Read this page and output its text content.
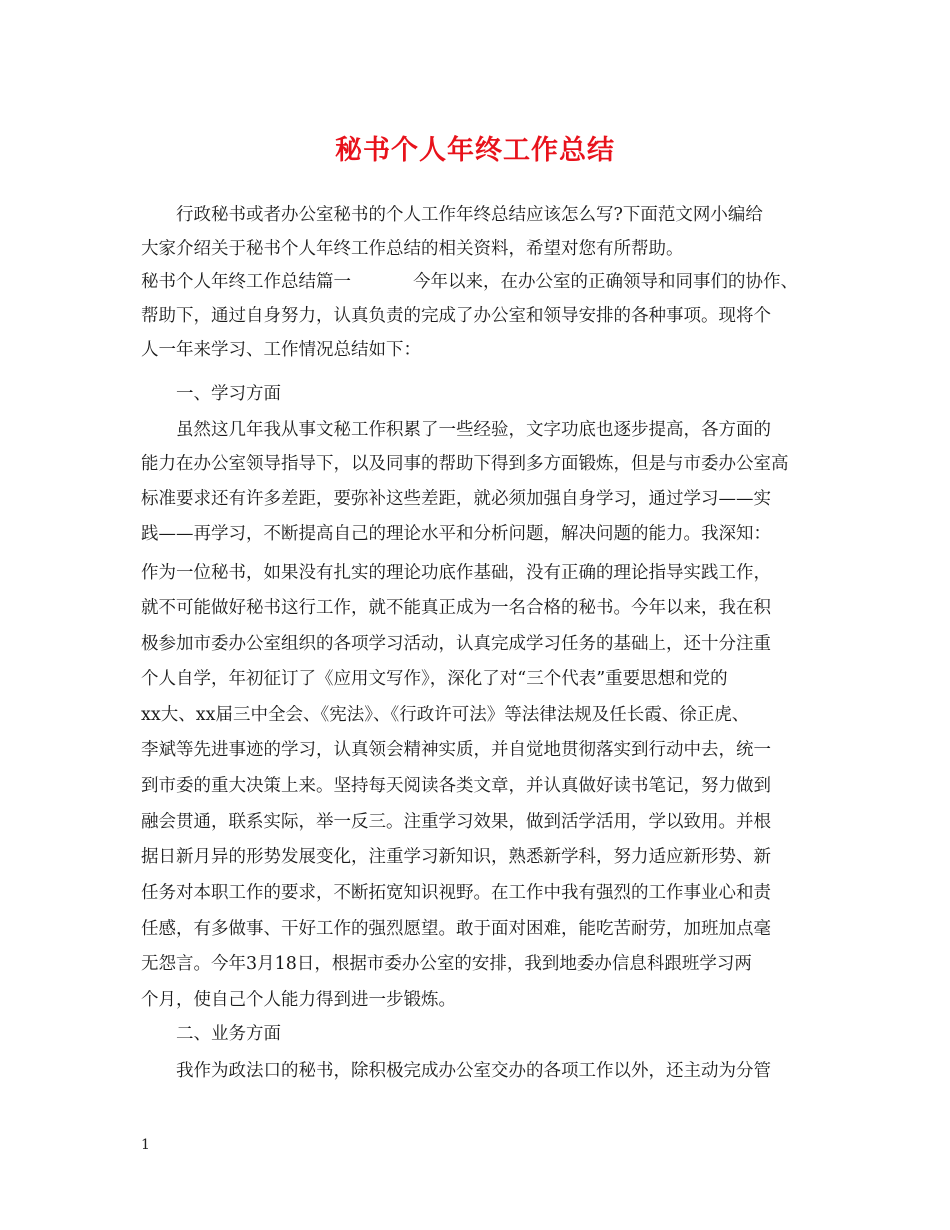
秘书个人年终工作总结
行政秘书或者办公室秘书的个人工作年终总结应该怎么写?下面范文网小编给
大家介绍关于秘书个人年终工作总结的相关资料，希望对您有所帮助。
秘书个人年终工作总结篇一	今年以来，在办公室的正确领导和同事们的协作、
帮助下，通过自身努力，认真负责的完成了办公室和领导安排的各种事项。现将个
人一年来学习、工作情况总结如下：
一、学习方面
虽然这几年我从事文秘工作积累了一些经验，文字功底也逐步提高，各方面的
能力在办公室领导指导下，以及同事的帮助下得到多方面锻炼，但是与市委办公室高
标准要求还有许多差距，要弥补这些差距，就必须加强自身学习，通过学习——实
践——再学习，不断提高自己的理论水平和分析问题，解决问题的能力。我深知：
作为一位秘书，如果没有扎实的理论功底作基础，没有正确的理论指导实践工作，
就不可能做好秘书这行工作，就不能真正成为一名合格的秘书。今年以来，我在积
极参加市委办公室组织的各项学习活动，认真完成学习任务的基础上，还十分注重
个人自学，年初征订了《应用文写作》，深化了对“三个代表”重要思想和党的
xx大、xx届三中全会、《宪法》、《行政许可法》等法律法规及任长霞、徐正虎、
李斌等先进事迹的学习，认真领会精神实质，并自觉地贯彻落实到行动中去，统一
到市委的重大决策上来。坚持每天阅读各类文章，并认真做好读书笔记，努力做到
融会贯通，联系实际，举一反三。注重学习效果，做到活学活用，学以致用。并根
据日新月异的形势发展变化，注重学习新知识，熟悉新学科，努力适应新形势、新
任务对本职工作的要求，不断拓宽知识视野。在工作中我有强烈的工作事业心和责
任感，有多做事、干好工作的强烈愿望。敢于面对困难，能吃苦耐劳，加班加点毫
无怨言。今年3月18日，根据市委办公室的安排，我到地委办信息科跟班学习两
个月，使自己个人能力得到进一步锻炼。
二、业务方面
我作为政法口的秘书，除积极完成办公室交办的各项工作以外，还主动为分管
1
